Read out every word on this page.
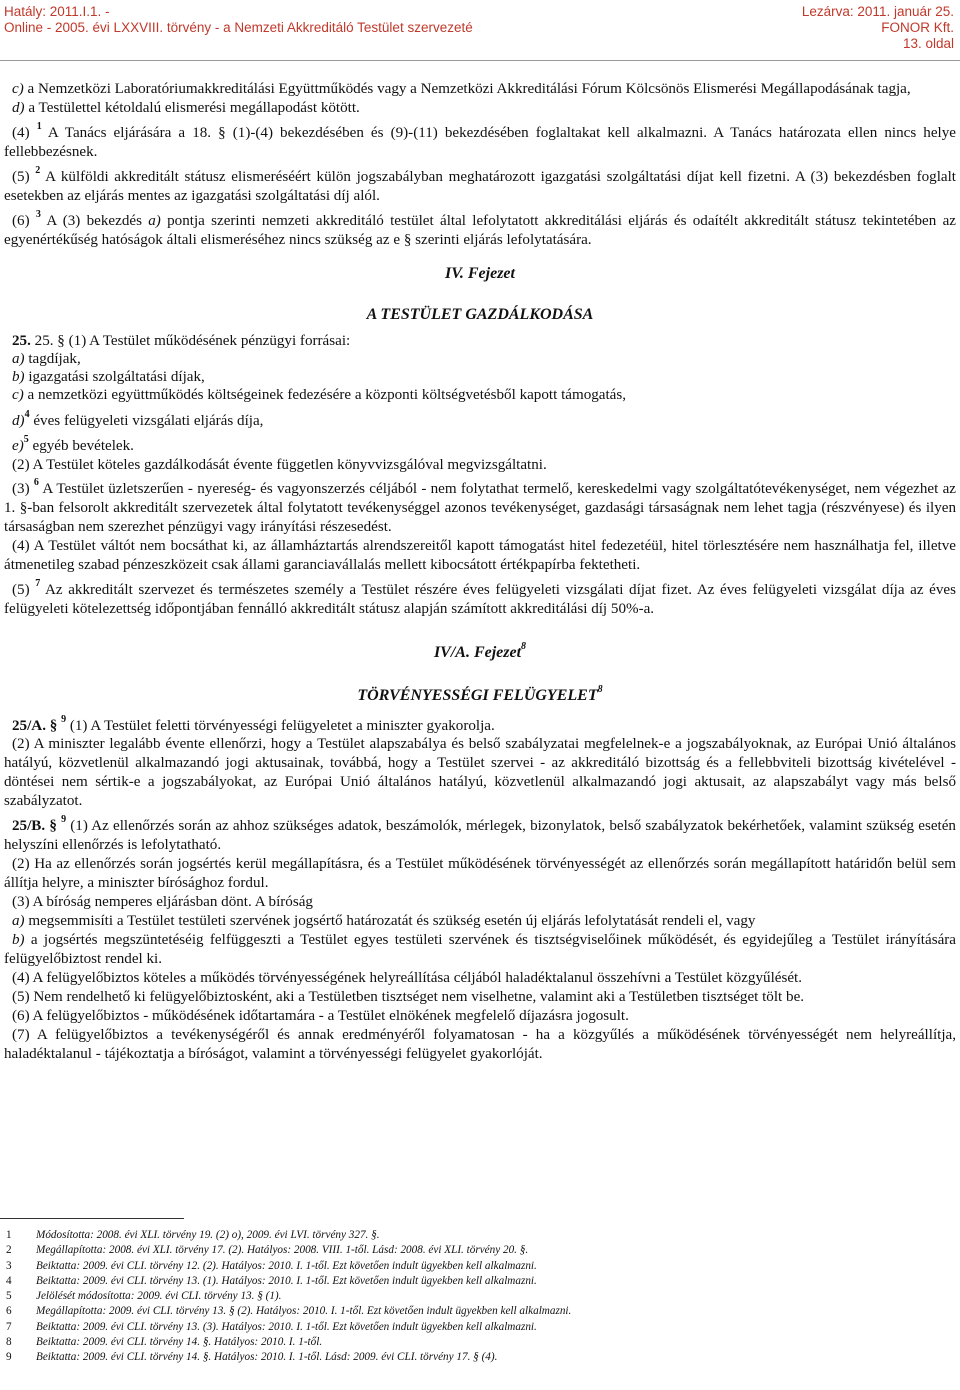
Hatály: 2011.I.1. -
Online - 2005. évi LXXVIII. törvény - a Nemzeti Akkreditáló Testület szervezeté
Lezárva: 2011. január 25.
FONOR Kft.
13. oldal

c) a Nemzetközi Laboratóriumakkreditálási Együttműködés vagy a Nemzetközi Akkreditálási Fórum Kölcsönös Elismerési Megállapodásának tagja,

d) a Testülettel kétoldalú elismerési megállapodást kötött.

(4) $^1$ A Tanács eljárására a 18. § (1)-(4) bekezdésében és (9)-(11) bekezdésében foglaltakat kell alkalmazni. A Tanács határozata ellen nincs helye fellebbezésnek.

(5) $^2$ A külföldi akkreditált státusz elismeréséért külön jogszabályban meghatározott igazgatási szolgáltatási díjat kell fizetni. A (3) bekezdésben foglalt esetekben az eljárás mentes az igazgatási szolgáltatási díj alól.

(6) $^3$ A (3) bekezdés a) pontja szerinti nemzeti akkreditáló testület által lefolytatott akkreditálási eljárás és odaítélt akkreditált státusz tekintetében az egyenértékűség hatóságok általi elismeréséhez nincs szükség az e § szerinti eljárás lefolytatására.

IV. Fejezet

A TESTÜLET GAZDÁLKODÁSA

25. 25. § (1) A Testület működésének pénzügyi forrásai:

a) tagdíjak,

b) igazgatási szolgáltatási díjak,

c) a nemzetközi együttműködés költségeinek fedezésére a központi költségvetésből kapott támogatás,

d)$^4$ éves felügyeleti vizsgálati eljárás díja,

e)$^5$ egyéb bevételek.

(2) A Testület köteles gazdálkodását évente független könyvvizsgálóval megvizsgáltatni.

(3) $^6$ A Testület üzletszerűen - nyereség- és vagyonszerzés céljából - nem folytathat termelő, kereskedelmi vagy szolgáltatótevékenységet, nem végezhet az 1. §-ban felsorolt akkreditált szervezetek által folytatott tevékenységgel azonos tevékenységet, gazdasági társaságnak nem lehet tagja (részvényese) és ilyen társaságban nem szerezhet pénzügyi vagy irányítási részesedést.

(4) A Testület váltót nem bocsáthat ki, az államháztartás alrendszereitől kapott támogatást hitel fedezetéül, hitel törlesztésére nem használhatja fel, illetve átmenetileg szabad pénzeszközeit csak állami garanciavállalás mellett kibocsátott értékpapírba fektetheti.

(5) $^7$ Az akkreditált szervezet és természetes személy a Testület részére éves felügyeleti vizsgálati díjat fizet. Az éves felügyeleti vizsgálat díja az éves felügyeleti kötelezettség időpontjában fennálló akkreditált státusz alapján számított akkreditálási díj 50%-a.

IV/A. Fejezet$^8$

TÖRVÉNYESSÉGI FELÜGYELET$^8$

25/A. § $^9$ (1) A Testület feletti törvényességi felügyeletet a miniszter gyakorolja.

(2) A miniszter legalább évente ellenőrzi, hogy a Testület alapszabálya és belső szabályzatai megfelelnek-e a jogszabályoknak, az Európai Unió általános hatályú, közvetlenül alkalmazandó jogi aktusainak, továbbá, hogy a Testület szervei - az akkreditáló bizottság és a fellebbviteli bizottság kivételével - döntései nem sértik-e a jogszabályokat, az Európai Unió általános hatályú, közvetlenül alkalmazandó jogi aktusait, az alapszabályt vagy más belső szabályzatot.

25/B. § $^9$ (1) Az ellenőrzés során az ahhoz szükséges adatok, beszámolók, mérlegek, bizonylatok, belső szabályzatok bekérhetőek, valamint szükség esetén helyszíni ellenőrzés is lefolytatható.

(2) Ha az ellenőrzés során jogsértés kerül megállapításra, és a Testület működésének törvényességét az ellenőrzés során megállapított határidőn belül sem állítja helyre, a miniszter bírósághoz fordul.

(3) A bíróság nemperes eljárásban dönt. A bíróság

a) megsemmisíti a Testület testületi szervének jogsértő határozatát és szükség esetén új eljárás lefolytatását rendeli el, vagy

b) a jogsértés megszüntetéséig felfüggeszti a Testület egyes testületi szervének és tisztségviselőinek működését, és egyidejűleg a Testület irányítására felügyelőbiztost rendel ki.

(4) A felügyelőbiztos köteles a működés törvényességének helyreállítása céljából haladéktalanul összehívni a Testület közgyűlését.

(5) Nem rendelhető ki felügyelőbiztosként, aki a Testületben tisztséget nem viselhetne, valamint aki a Testületben tisztséget tölt be.

(6) A felügyelőbiztos - működésének időtartamára - a Testület elnökének megfelelő díjazásra jogosult.

(7) A felügyelőbiztos a tevékenységéről és annak eredményéről folyamatosan - ha a közgyűlés a működésének törvényességét nem helyreállítja, haladéktalanul - tájékoztatja a bíróságot, valamint a törvényességi felügyelet gyakorlóját.

1	Módosította: 2008. évi XLI. törvény 19. (2) o), 2009. évi LVI. törvény 327. §.
2	Megállapította: 2008. évi XLI. törvény 17. (2). Hatályos: 2008. VIII. 1-től. Lásd: 2008. évi XLI. törvény 20. §.
3	Beiktatta: 2009. évi CLI. törvény 12. (2). Hatályos: 2010. I. 1-től. Ezt követően indult ügyekben kell alkalmazni.
4	Beiktatta: 2009. évi CLI. törvény 13. (1). Hatályos: 2010. I. 1-től. Ezt követően indult ügyekben kell alkalmazni.
5	Jelölését módosította: 2009. évi CLI. törvény 13. § (1).
6	Megállapította: 2009. évi CLI. törvény 13. § (2). Hatályos: 2010. I. 1-től. Ezt követően indult ügyekben kell alkalmazni.
7	Beiktatta: 2009. évi CLI. törvény 13. (3). Hatályos: 2010. I. 1-től. Ezt követően indult ügyekben kell alkalmazni.
8	Beiktatta: 2009. évi CLI. törvény 14. §. Hatályos: 2010. I. 1-től.
9	Beiktatta: 2009. évi CLI. törvény 14. §. Hatályos: 2010. I. 1-től. Lásd: 2009. évi CLI. törvény 17. § (4).
